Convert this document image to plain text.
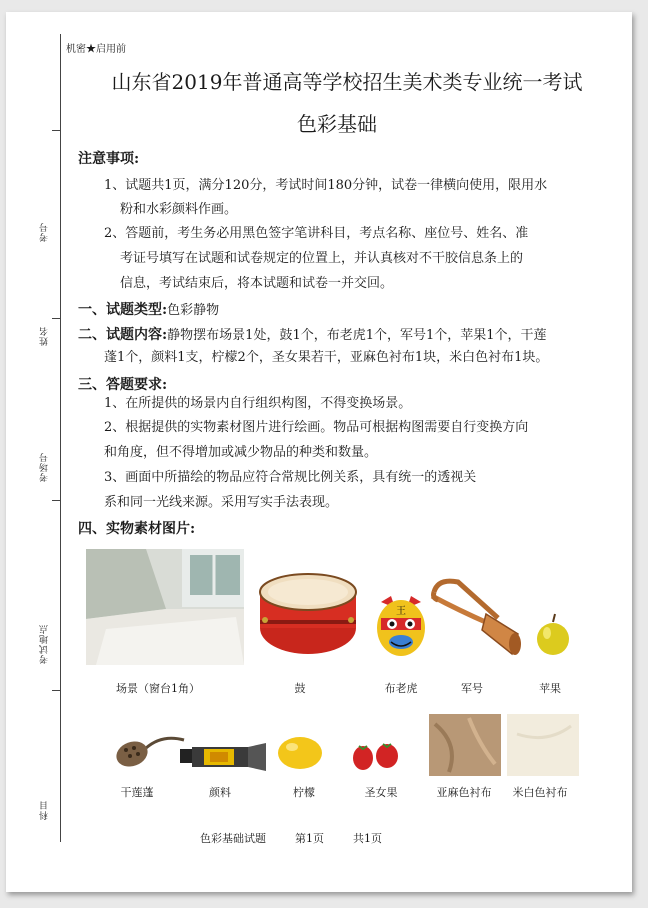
考号
姓名
考场号
考试地点
科目
机密★启用前
山东省2019年普通高等学校招生美术类专业统一考试
色彩基础
注意事项:
1、试题共1页，满分120分，考试时间180分钟，试卷一律横向使用，限用水
粉和水彩颜料作画。
2、答题前，考生务必用黑色签字笔讲科目，考点名称、座位号、姓名、准
考证号填写在试题和试卷规定的位置上，并认真核对不干胶信息条上的
信息，考试结束后，将本试题和试卷一并交回。
一、试题类型:色彩静物
二、试题内容:静物摆布场景1处，鼓1个，布老虎1个，军号1个，苹果1个，干莲
蓬1个，颜料1支，柠檬2个，圣女果若干，亚麻色衬布1块，米白色衬布1块。
三、答题要求:
1、在所提供的场景内自行组织构图，不得变换场景。
2、根据提供的实物素材图片进行绘画。物品可根据构图需要自行变换方向
和角度，但不得增加或减少物品的种类和数量。
3、画面中所描绘的物品应符合常规比例关系，具有统一的透视关
系和同一光线来源。采用写实手法表现。
四、实物素材图片:
王
场景（窗台1角）	鼓	布老虎	军号	苹果
干莲蓬	颜料	柠檬	圣女果	亚麻色衬布	米白色衬布
色彩基础试题	第1页	共1页
